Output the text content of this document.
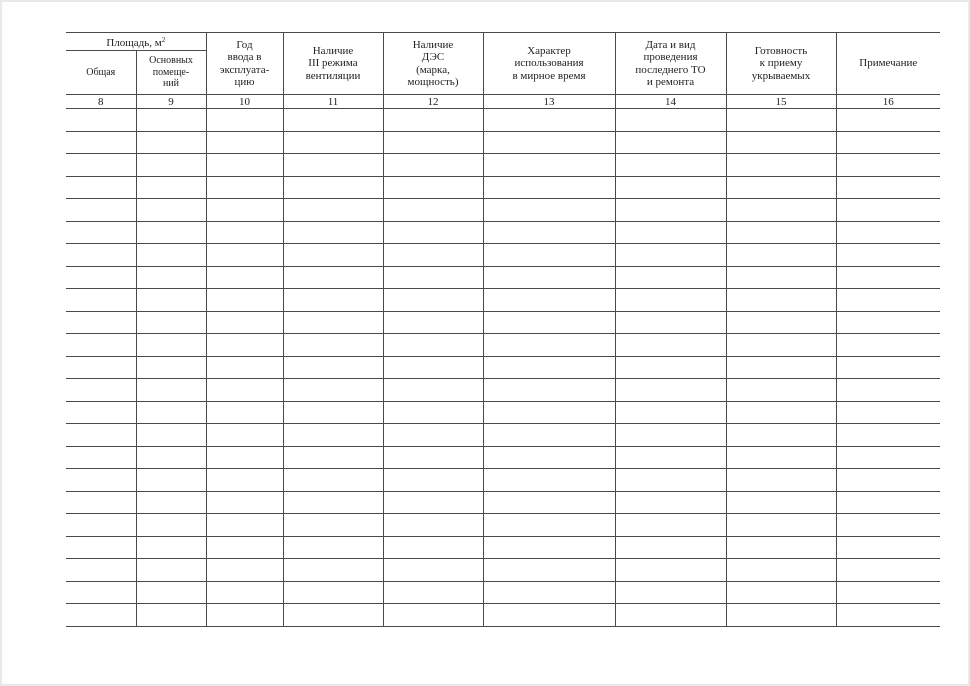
Площадь, $м^2$		Год
ввода в
эксплуата-
цию	Наличие
III режима
вентиляции	Наличие
ДЭС
(марка,
мощность)	Характер
использования
в мирное время	Дата и вид
проведения
последнего ТО
и ремонта	Готовность
к приему
укрываемых	Примечание

Общая	Основных
помеще-
ний							

8	9	10	11	12	13	14	15	16
